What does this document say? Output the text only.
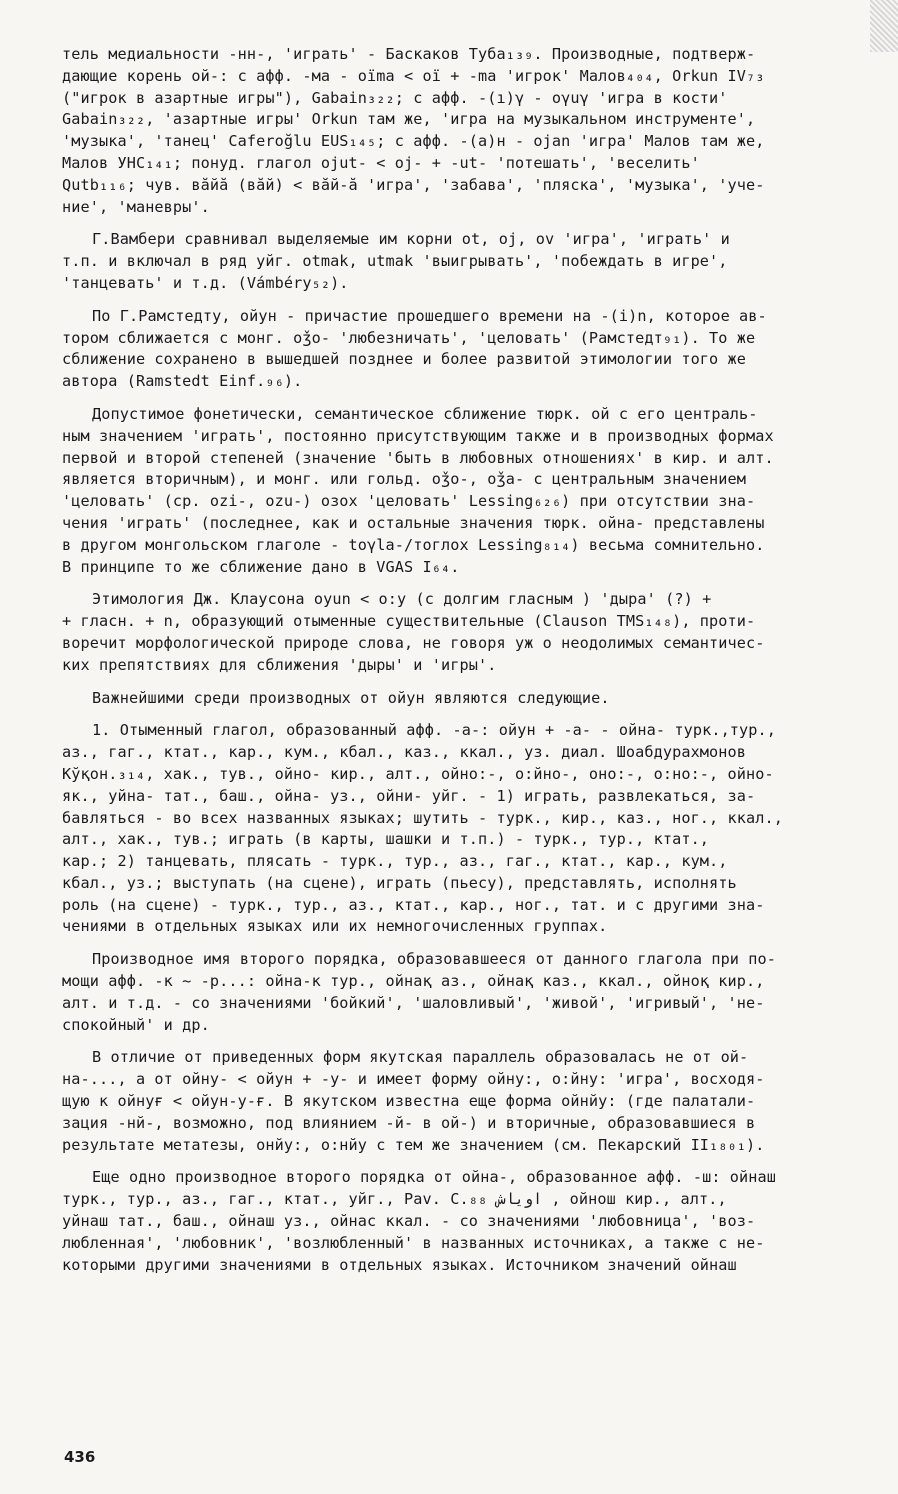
тель медиальности -нн-, 'играть' - Баскаков Туба₁₃₉. Производные, подтверж-
дающие корень ой-: с афф. -ма - oïma < oï + -ma 'игрок' Малов₄₀₄, Orkun IV₇₃
("игрок в азартные игры"), Gabain₃₂₂; с афф. -(ı)γ - oγuγ 'игра в кости'
Gabain₃₂₂, 'азартные игры' Orkun там же, 'игра на музыкальном инструменте',
'музыка', 'танец' Caferoğlu EUS₁₄₅; с афф. -(а)н - ojan 'игра' Малов там же,
Малов УНС₁₄₁; понуд. глагол ojut- < oj- + -ut- 'потешать', 'веселить'
Qutb₁₁₆; чув. вăйă (вăй) < вăй-ă 'игра', 'забава', 'пляска', 'музыка', 'уче-
ние', 'маневры'.
Г.Вамбери сравнивал выделяемые им корни ot, oj, ov 'игра', 'играть' и
т.п. и включал в ряд уйг. otmak, utmak 'выигрывать', 'побеждать в игре',
'танцевать' и т.д. (Vámbéry₅₂).
По Г.Рамстедту, ойун - причастие прошедшего времени на -(i)n, которое ав-
тором сближается с монг. oǯo- 'любезничать', 'целовать' (Рамстедт₉₁). То же
сближение сохранено в вышедшей позднее и более развитой этимологии того же
автора (Ramstedt Einf.₉₆).
Допустимое фонетически, семантическое сближение тюрк. ой с его централь-
ным значением 'играть', постоянно присутствующим также и в производных формах
первой и второй степеней (значение 'быть в любовных отношениях' в кир. и алт.
является вторичным), и монг. или гольд. oǯo-, oǯa- с центральным значением
'целовать' (ср. ozi-, ozu-) озох 'целовать' Lessing₆₂₆) при отсутствии зна-
чения 'играть' (последнее, как и остальные значения тюрк. ойна- представлены
в другом монгольском глаголе - toγla-/тоглох Lessing₈₁₄) весьма сомнительно.
В принципе то же сближение дано в VGAS I₆₄.
Этимология Дж. Клаусона oyun < o:y (с долгим гласным ) 'дыра' (?) +
+ гласн. + n, образующий отыменные существительные (Clauson TMS₁₄₈), проти-
воречит морфологической природе слова, не говоря уж о неодолимых семантичес-
ких препятствиях для сближения 'дыры' и 'игры'.
Важнейшими среди производных от ойун являются следующие.
1. Отыменный глагол, образованный афф. -а-: ойун + -а- - ойна- турк.,тур.,
аз., гаг., ктат., кар., кум., кбал., каз., ккал., уз. диал. Шоабдурахмонов
Кўқон.₃₁₄, хак., тув., ойно- кир., алт., ойно:-, о:йно-, оно:-, о:нo:-, ойно-
як., уйна- тат., баш., ойна- уз., ойни- уйг. - 1) играть, развлекаться, за-
бавляться - во всех названных языках; шутить - турк., кир., каз., ног., ккал.,
алт., хак., тув.; играть (в карты, шашки и т.п.) - турк., тур., ктат.,
кар.; 2) танцевать, плясать - турк., тур., аз., гаг., ктат., кар., кум.,
кбал., уз.; выступать (на сцене), играть (пьесу), представлять, исполнять
роль (на сцене) - турк., тур., аз., ктат., кар., ног., тат. и с другими зна-
чениями в отдельных языках или их немногочисленных группах.
Производное имя второго порядка, образовавшееся от данного глагола при по-
мощи афф. -к ~ -р...: ойна-к тур., ойнақ аз., ойнақ каз., ккал., ойноқ кир.,
алт. и т.д. - со значениями 'бойкий', 'шаловливый', 'живой', 'игривый', 'не-
спокойный' и др.
В отличие от приведенных форм якутская параллель образовалась не от ой-
на-..., а от ойну- < ойун + -у- и имеет форму ойну:, о:йну: 'игра', восходя-
щую к ойнуғ < ойун-у-ғ. В якутском известна еще форма ойнйу: (где палатали-
зация -нй-, возможно, под влиянием -й- в ой-) и вторичные, образовавшиеся в
результате метатезы, онйу:, о:нйу с тем же значением (см. Пекарский II₁₈₀₁).
Еще одно производное второго порядка от ойна-, образованное афф. -ш: ойнаш
турк., тур., аз., гаг., ктат., уйг., Pav. C.₈₈ اوياش , ойнош кир., алт.,
уйнаш тат., баш., ойнаш уз., ойнас ккал. - со значениями 'любовница', 'воз-
любленная', 'любовник', 'возлюбленный' в названных источниках, а также с не-
которыми другими значениями в отдельных языках. Источником значений ойнаш
436
